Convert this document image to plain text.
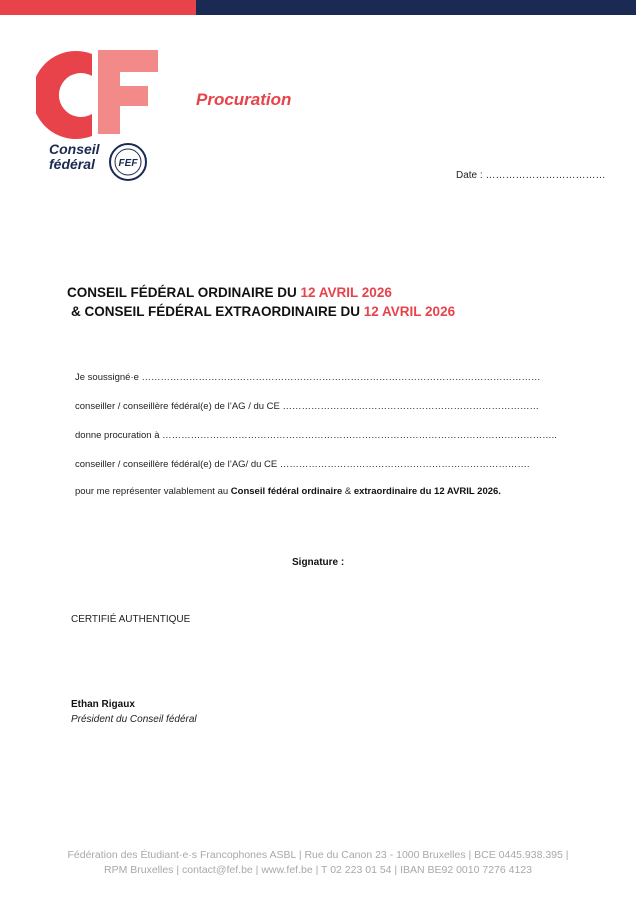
CF
Conseil
fédéral	FEF
Procuration
Date : ………………………………
CONSEIL FÉDÉRAL ORDINAIRE DU 12 AVRIL 2026
& CONSEIL FÉDÉRAL EXTRAORDINAIRE DU 12 AVRIL 2026
Je soussigné·e ………………………………………………………………………………………………………………
conseiller / conseillère fédéral(e) de l’AG / du CE ………………………………………………………………………
donne procuration à ……………………………………………………………………………………………………………..
conseiller / conseillère fédéral(e) de l’AG/ du CE …………………………………………………………………….
pour me représenter valablement au Conseil fédéral ordinaire & extraordinaire du 12 AVRIL 2026.
Signature :
CERTIFIÉ AUTHENTIQUE
Ethan Rigaux
Président du Conseil fédéral
Fédération des Étudiant·e·s Francophones ASBL | Rue du Canon 23 - 1000 Bruxelles | BCE 0445.938.395 |
RPM Bruxelles | contact@fef.be | www.fef.be | T 02 223 01 54 | IBAN BE92 0010 7276 4123
